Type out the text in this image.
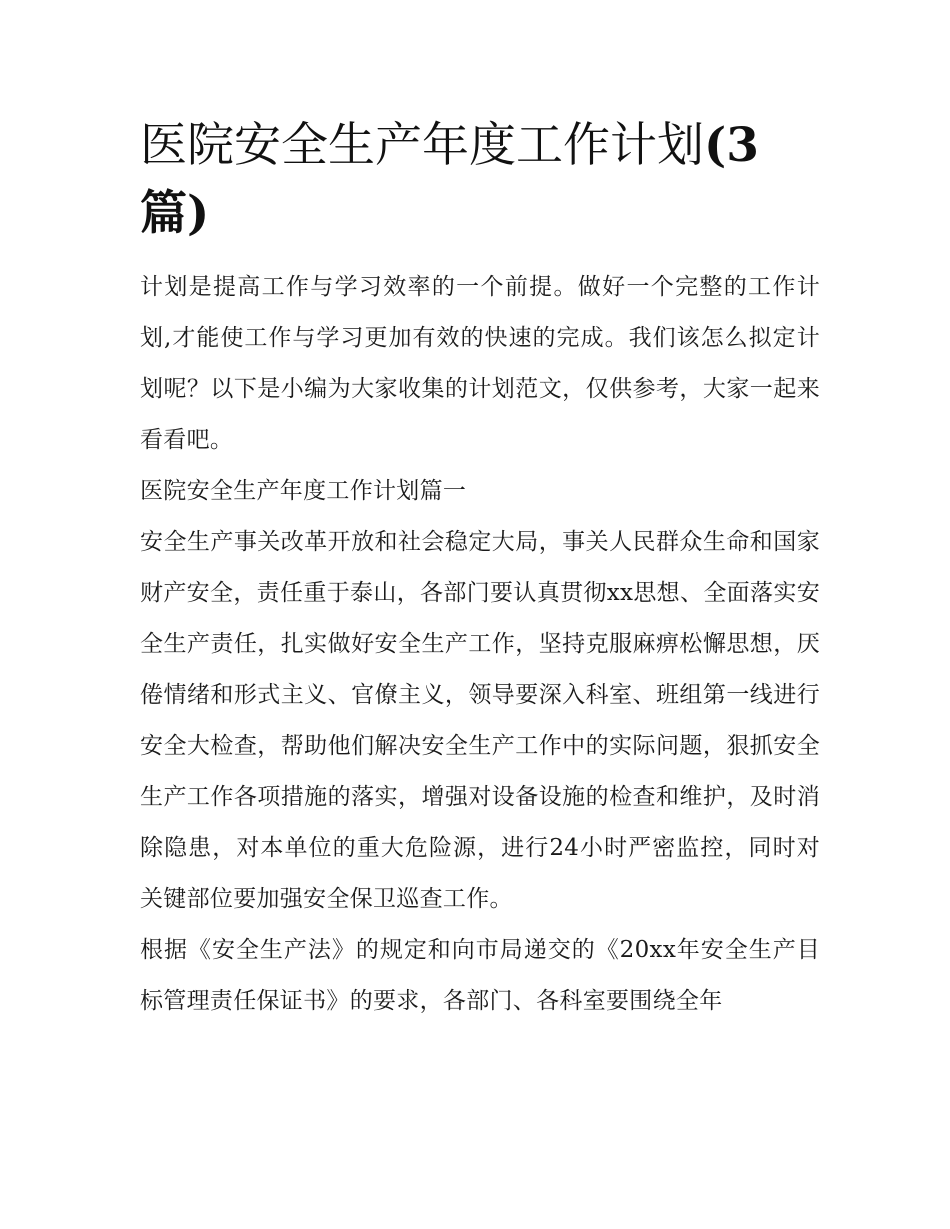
医院安全生产年度工作计划(3篇)

计划是提高工作与学习效率的一个前提。做好一个完整的工作计划,才能使工作与学习更加有效的快速的完成。我们该怎么拟定计划呢？以下是小编为大家收集的计划范文，仅供参考，大家一起来看看吧。

医院安全生产年度工作计划篇一

安全生产事关改革开放和社会稳定大局，事关人民群众生命和国家财产安全，责任重于泰山，各部门要认真贯彻xx思想、全面落实安全生产责任，扎实做好安全生产工作，坚持克服麻痹松懈思想，厌倦情绪和形式主义、官僚主义，领导要深入科室、班组第一线进行安全大检查，帮助他们解决安全生产工作中的实际问题，狠抓安全生产工作各项措施的落实，增强对设备设施的检查和维护，及时消除隐患，对本单位的重大危险源，进行24小时严密监控，同时对关键部位要加强安全保卫巡查工作。

根据《安全生产法》的规定和向市局递交的《20xx年安全生产目标管理责任保证书》的要求，各部门、各科室要围绕全年
